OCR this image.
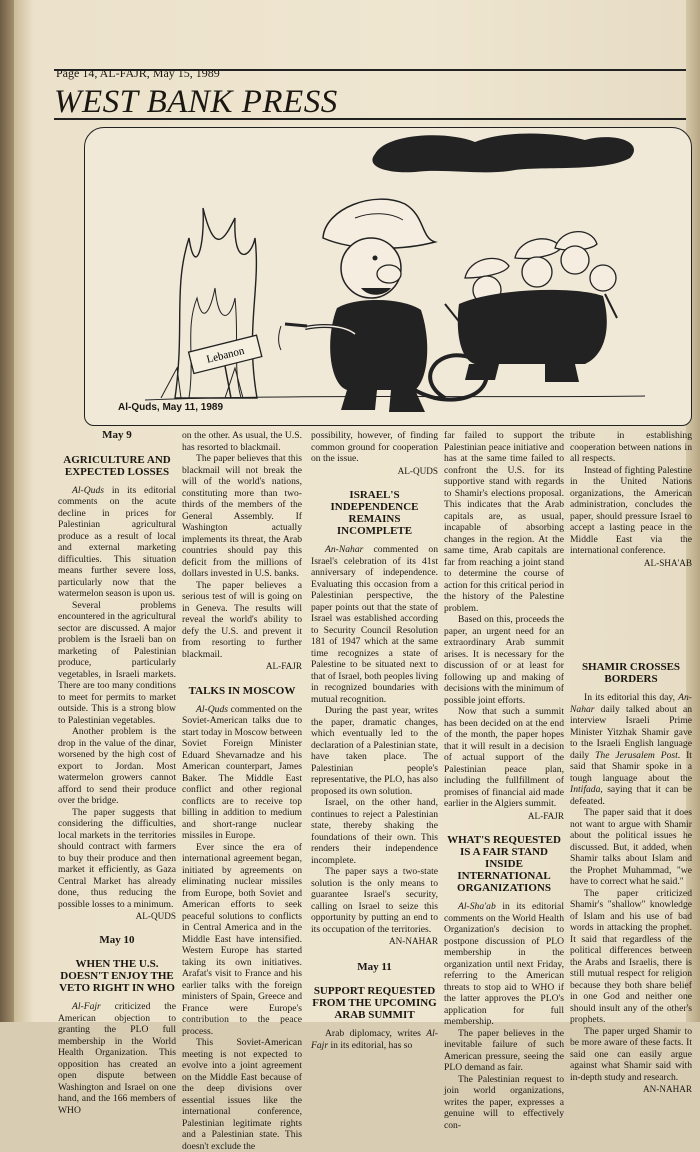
Page 14, AL-FAJR, May 15, 1989
WEST BANK PRESS
Lebanon
Al-Quds, May 11, 1989
May 9
AGRICULTURE AND EXPECTED LOSSES

Al-Quds in its editorial comments on the acute decline in prices for Palestinian agricultural produce as a result of local and external marketing difficulties. This situation means further severe loss, particularly now that the watermelon season is upon us.

Several problems encountered in the agricultural sector are discussed. A major problem is the Israeli ban on marketing of Palestinian produce, particularly vegetables, in Israeli markets. There are too many conditions to meet for permits to market outside. This is a strong blow to Palestinian vegetables.

Another problem is the drop in the value of the dinar, worsened by the high cost of export to Jordan. Most watermelon growers cannot afford to send their produce over the bridge.

The paper suggests that considering the difficulties, local markets in the territories should contract with farmers to buy their produce and then market it efficiently, as Gaza Central Market has already done, thus reducing the possible losses to a minimum.

AL-QUDS
May 10
WHEN THE U.S. DOESN'T ENJOY THE VETO RIGHT IN WHO

Al-Fajr criticized the American objection to granting the PLO full membership in the World Health Organization. This opposition has created an open dispute between Washington and Israel on one hand, and the 166 members of WHO

on the other. As usual, the U.S. has resorted to blackmail.

The paper believes that this blackmail will not break the will of the world's nations, constituting more than two-thirds of the members of the General Assembly. If Washington actually implements its threat, the Arab countries should pay this deficit from the millions of dollars invested in U.S. banks.

The paper believes a serious test of will is going on in Geneva. The results will reveal the world's ability to defy the U.S. and prevent it from resorting to further blackmail.

AL-FAJR
TALKS IN MOSCOW

Al-Quds commented on the Soviet-American talks due to start today in Moscow between Soviet Foreign Minister Eduard Shevarnadze and his American counterpart, James Baker. The Middle East conflict and other regional conflicts are to receive top billing in addition to medium and short-range nuclear missiles in Europe.

Ever since the era of international agreement began, initiated by agreements on eliminating nuclear missiles from Europe, both Soviet and American efforts to seek peaceful solutions to conflicts in Central America and in the Middle East have intensified. Western Europe has started taking its own initiatives. Arafat's visit to France and his earlier talks with the foreign ministers of Spain, Greece and France were Europe's contribution to the peace process.

This Soviet-American meeting is not expected to evolve into a joint agreement on the Middle East because of the deep divisions over essential issues like the international conference, Palestinian legitimate rights and a Palestinian state. This doesn't exclude the

possibility, however, of finding common ground for cooperation on the issue.

AL-QUDS
ISRAEL'S INDEPENDENCE REMAINS INCOMPLETE

An-Nahar commented on Israel's celebration of its 41st anniversary of independence. Evaluating this occasion from a Palestinian perspective, the paper points out that the state of Israel was established according to Security Council Resolution 181 of 1947 which at the same time recognizes a state of Palestine to be situated next to that of Israel, both peoples living in recognized boundaries with mutual recognition.

During the past year, writes the paper, dramatic changes, which eventually led to the declaration of a Palestinian state, have taken place. The Palestinian people's representative, the PLO, has also proposed its own solution.

Israel, on the other hand, continues to reject a Palestinian state, thereby shaking the foundations of their own. This renders their independence incomplete.

The paper says a two-state solution is the only means to guarantee Israel's security, calling on Israel to seize this opportunity by putting an end to its occupation of the territories.

AN-NAHAR
May 11
SUPPORT REQUESTED FROM THE UPCOMING ARAB SUMMIT

Arab diplomacy, writes Al-Fajr in its editorial, has so

far failed to support the Palestinian peace initiative and has at the same time failed to confront the U.S. for its supportive stand with regards to Shamir's elections proposal. This indicates that the Arab capitals are, as usual, incapable of absorbing changes in the region. At the same time, Arab capitals are far from reaching a joint stand to determine the course of action for this critical period in the history of the Palestine problem.

Based on this, proceeds the paper, an urgent need for an extraordinary Arab summit arises. It is necessary for the discussion of or at least for following up and making of decisions with the minimum of possible joint efforts.

Now that such a summit has been decided on at the end of the month, the paper hopes that it will result in a decision of actual support of the Palestinian peace plan, including the fullfillment of promises of financial aid made earlier in the Algiers summit.

AL-FAJR
WHAT'S REQUESTED IS A FAIR STAND INSIDE INTERNATIONAL ORGANIZATIONS

Al-Sha'ab in its editorial comments on the World Health Organization's decision to postpone discussion of PLO membership in the organization until next Friday, referring to the American threats to stop aid to WHO if the latter approves the PLO's application for full membership.

The paper believes in the inevitable failure of such American pressure, seeing the PLO demand as fair.

The Palestinian request to join world organizations, writes the paper, expresses a genuine will to effectively con-

tribute in establishing cooperation between nations in all respects.

Instead of fighting Palestine in the United Nations organizations, the American administration, concludes the paper, should pressure Israel to accept a lasting peace in the Middle East via the international conference.

AL-SHA'AB
SHAMIR CROSSES BORDERS

In its editorial this day, An-Nahar daily talked about an interview Israeli Prime Minister Yitzhak Shamir gave to the Israeli English language daily The Jerusalem Post. It said that Shamir spoke in a tough language about the Intifada, saying that it can be defeated.

The paper said that it does not want to argue with Shamir about the political issues he discussed. But, it added, when Shamir talks about Islam and the Prophet Muhammad, "we have to correct what he said."

The paper criticized Shamir's "shallow" knowledge of Islam and his use of bad words in attacking the prophet. It said that regardless of the political differences between the Arabs and Israelis, there is still mutual respect for religion because they both share belief in one God and neither one should insult any of the other's prophets.

The paper urged Shamir to be more aware of these facts. It said one can easily argue against what Shamir said with in-depth study and research.

AN-NAHAR
